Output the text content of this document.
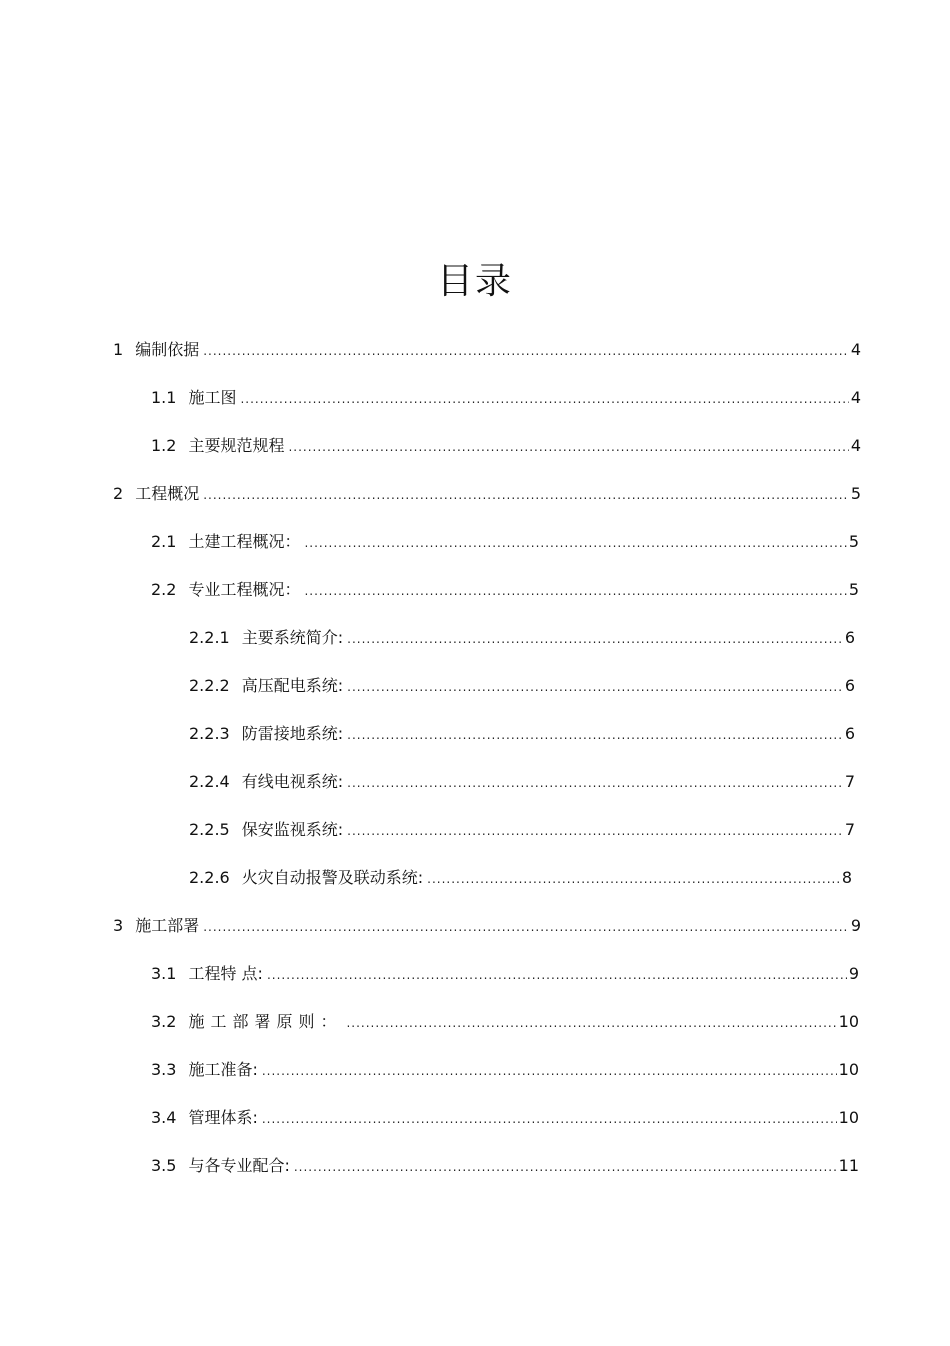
目录
1 编制依据 .....	4
1.1 施工图 .....	4
1.2 主要规范规程 .....	4
2 工程概况 .....	5
2.1 土建工程概况： .....	5
2.2 专业工程概况： .....	5
2.2.1 主要系统简介: .....	6
2.2.2 高压配电系统: .....	6
2.2.3 防雷接地系统: .....	6
2.2.4 有线电视系统: .....	7
2.2.5 保安监视系统: .....	7
2.2.6 火灾自动报警及联动系统: .....	8
3 施工部署 .....	9
3.1 工程特 点: .....	9
3.2 施工部署原则： .....	10
3.3 施工准备: .....	10
3.4 管理体系: .....	10
3.5 与各专业配合: .....	11
